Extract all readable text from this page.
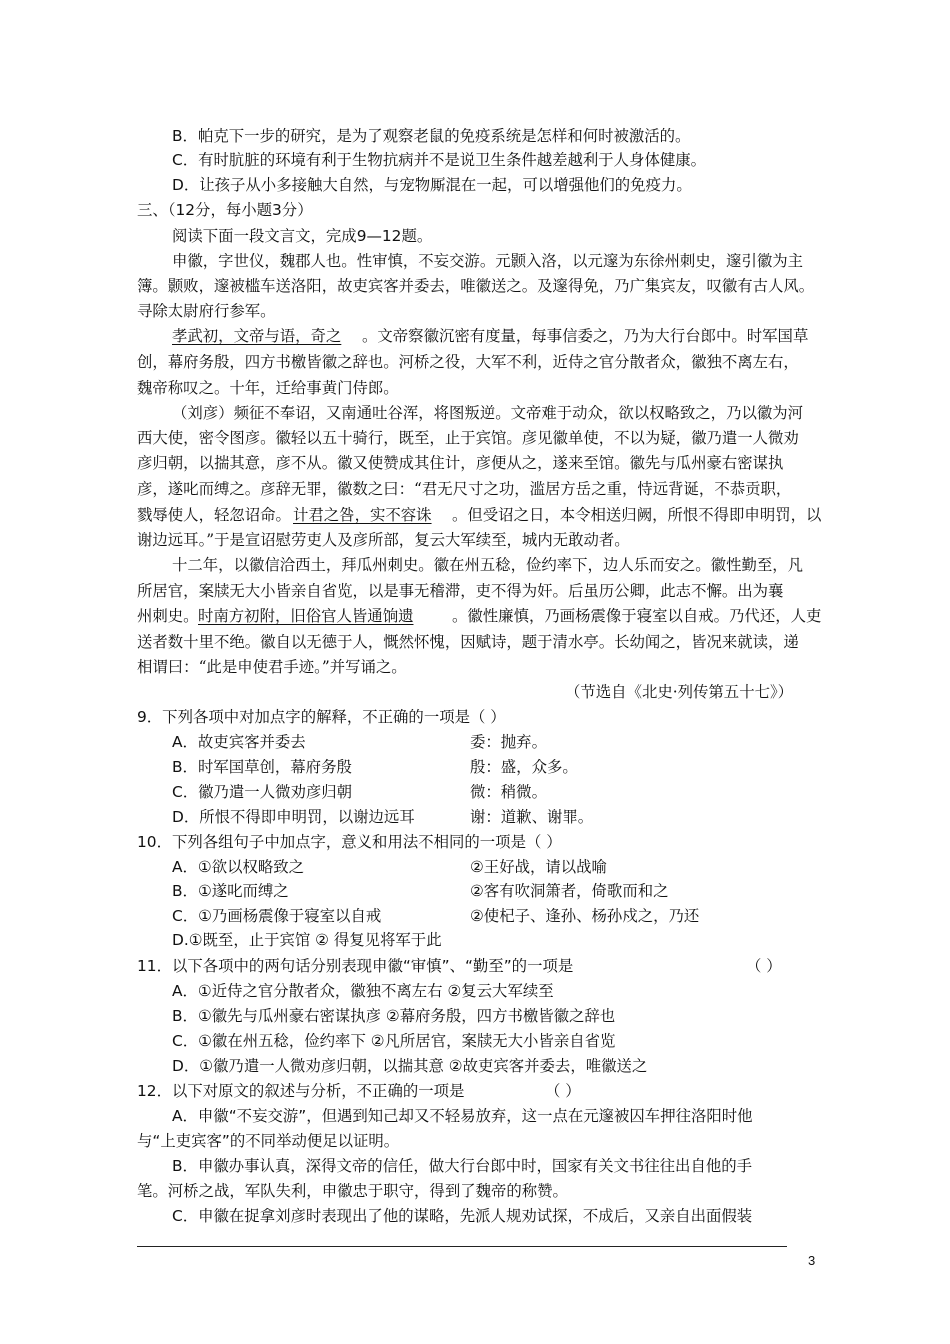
B．帕克下一步的研究，是为了观察老鼠的免疫系统是怎样和何时被激活的。
C．有时肮脏的环境有利于生物抗病并不是说卫生条件越差越利于人身体健康。
D．让孩子从小多接触大自然，与宠物厮混在一起，可以增强他们的免疫力。
三、（12分，每小题3分）
阅读下面一段文言文，完成9—12题。
申徽，字世仪，魏郡人也。性审慎，不妄交游。元颢入洛，以元邃为东徐州刺史，邃引徽为主
簿。颢败，邃被槛车送洛阳，故吏宾客并委去，唯徽送之。及邃得免，乃广集宾友，叹徽有古人风。
寻除太尉府行参军。
孝武初，文帝与语，奇之 。文帝察徽沉密有度量，每事信委之，乃为大行台郎中。时军国草
创，幕府务殷，四方书檄皆徽之辞也。河桥之役，大军不利，近侍之官分散者众，徽独不离左右，
魏帝称叹之。十年，迁给事黄门侍郎。
（刘彦）频征不奉诏，又南通吐谷浑，将图叛逆。文帝难于动众，欲以权略致之，乃以徽为河
西大使，密令图彦。徽轻以五十骑行，既至，止于宾馆。彦见徽单使，不以为疑，徽乃遣一人微劝
彦归朝，以揣其意，彦不从。徽又使赞成其住计，彦便从之，遂来至馆。徽先与瓜州豪右密谋执
彦，遂叱而缚之。彦辞无罪，徽数之曰：“君无尺寸之功，滥居方岳之重，恃远背诞，不恭贡职，
戮辱使人，轻忽诏命。 计君之咎，实不容诛 。但受诏之日，本令相送归阙，所恨不得即申明罚，以
谢边远耳。”于是宣诏慰劳吏人及彦所部，复云大军续至，城内无敢动者。
十二年，以徽信洽西土，拜瓜州刺史。徽在州五稔，俭约率下，边人乐而安之。徽性勤至，凡
所居官，案牍无大小皆亲自省览，以是事无稽滞，吏不得为奸。后虽历公卿，此志不懈。出为襄
州刺史。 时南方初附，旧俗官人皆通饷遗	。徽性廉慎，乃画杨震像于寝室以自戒。乃代还，人吏
送者数十里不绝。徽自以无德于人，慨然怀愧，因赋诗，题于清水亭。长幼闻之，皆况来就读，递
相谓曰：“此是申使君手迹。”并写诵之。
（节选自《北史·列传第五十七》）
9．下列各项中对加点字的解释，不正确的一项是（ ）
A．故吏宾客并委去	委：抛弃。
B．时军国草创，幕府务殷	殷：盛，众多。
C．徽乃遣一人微劝彦归朝	微：稍微。
D．所恨不得即申明罚，以谢边远耳	谢：道歉、谢罪。
10．下列各组句子中加点字，意义和用法不相同的一项是（ ）
A．①欲以权略致之	②王好战，请以战喻
B．①遂叱而缚之	②客有吹洞箫者，倚歌而和之
C．①乃画杨震像于寝室以自戒	②使杞子、逢孙、杨孙戍之，乃还
D.①既至，止于宾馆 ② 得复见将军于此
11．以下各项中的两句话分别表现申徽“审慎”、“勤至”的一项是	（ ）
A．①近侍之官分散者众，徽独不离左右 ②复云大军续至
B．①徽先与瓜州豪右密谋执彦 ②幕府务殷，四方书檄皆徽之辞也
C．①徽在州五稔，俭约率下 ②凡所居官，案牍无大小皆亲自省览
D．①徽乃遣一人微劝彦归朝，以揣其意 ②故吏宾客并委去，唯徽送之
12．以下对原文的叙述与分析，不正确的一项是	（ ）
A．申徽“不妄交游”，但遇到知己却又不轻易放弃，这一点在元邃被囚车押往洛阳时他
与“上吏宾客”的不同举动便足以证明。
B．申徽办事认真，深得文帝的信任，做大行台郎中时，国家有关文书往往出自他的手
笔。河桥之战，军队失利，申徽忠于职守，得到了魏帝的称赞。
C．申徽在捉拿刘彦时表现出了他的谋略，先派人规劝试探，不成后，又亲自出面假装
3
